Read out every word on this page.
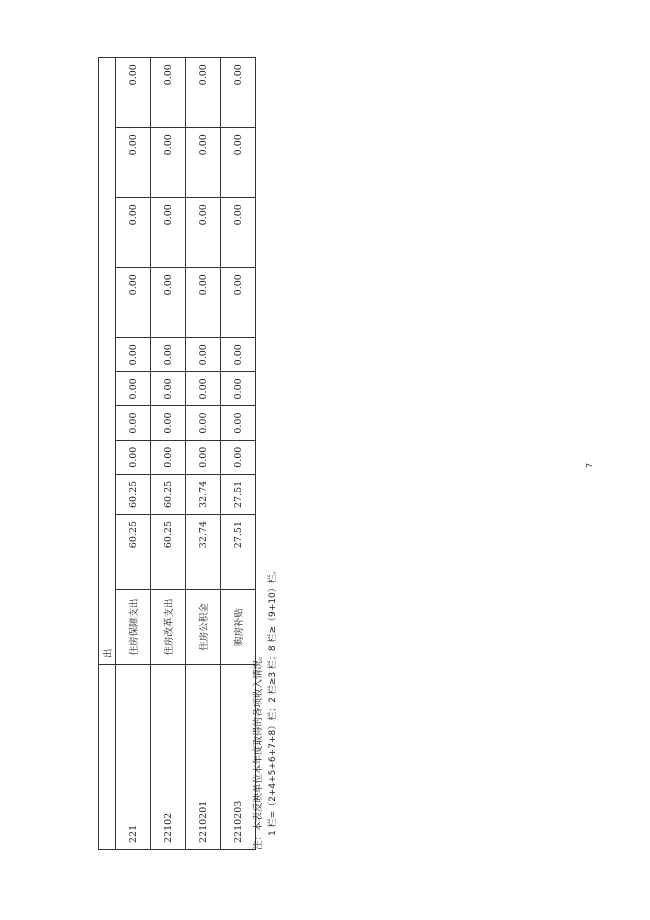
	出										
221	住房保障支出	60.25	60.25	0.00	0.00	0.00	0.00	0.00	0.00	0.00	0.00
22102	住房改革支出	60.25	60.25	0.00	0.00	0.00	0.00	0.00	0.00	0.00	0.00
2210201	住房公积金	32.74	32.74	0.00	0.00	0.00	0.00	0.00	0.00	0.00	0.00
2210203	购房补贴	27.51	27.51	0.00	0.00	0.00	0.00	0.00	0.00	0.00	0.00
注：本表反映单位本年度取得的各项收入情况。 1 栏=（2+4+5+6+7+8）栏；2 栏≥3 栏；8 栏≥（9+10）栏。
7
